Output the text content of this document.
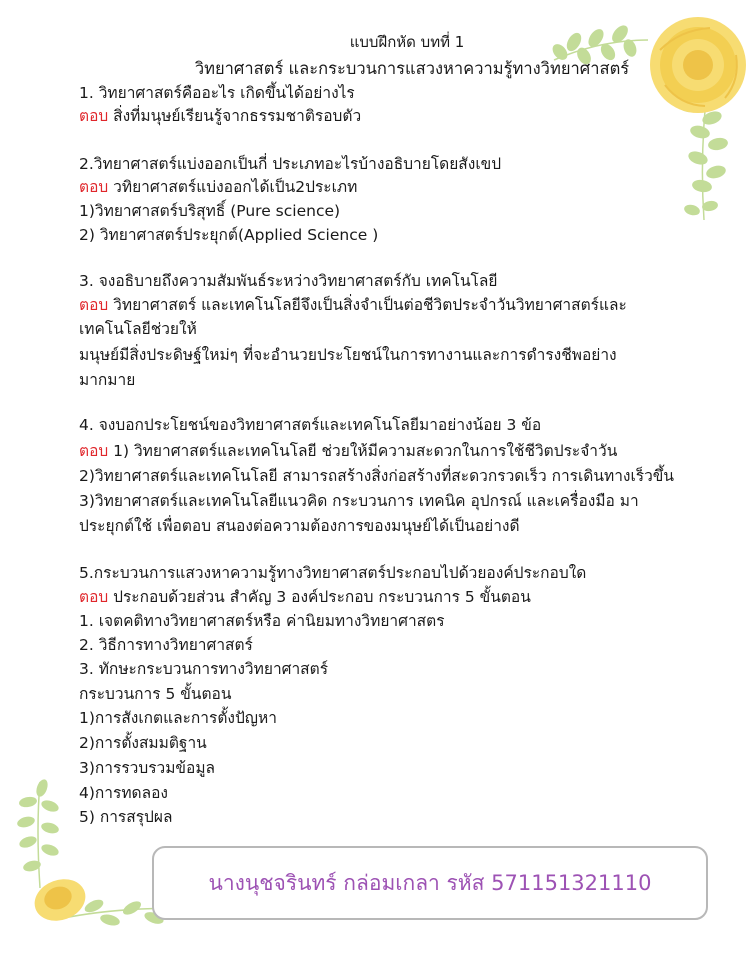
แบบฝึกหัด บทที่ 1
วิทยาศาสตร์ และกระบวนการแสวงหาความรู้ทางวิทยาศาสตร์
1. วิทยาศาสตร์คืออะไร เกิดขึ้นได้อย่างไร
ตอบ สิ่งที่มนุษย์เรียนรู้จากธรรมชาติรอบตัว
2.วิทยาศาสตร์แบ่งออกเป็นกี่ ประเภทอะไรบ้างอธิบายโดยสังเขป
ตอบ วทิยาศาสตร์แบ่งออกได้เป็น2ประเภท
1)วิทยาศาสตร์บริสุทธิ์ (Pure science)
2) วิทยาศาสตร์ประยุกต์(Applied Science )
3. จงอธิบายถึงความสัมพันธ์ระหว่างวิทยาศาสตร์กับ เทคโนโลยี
ตอบ วิทยาศาสตร์ และเทคโนโลยีจึงเป็นสิ่งจำเป็นต่อชีวิตประจำวันวิทยาศาสตร์และ
เทคโนโลยีช่วยให้
มนุษย์มีสิ่งประดิษฐ์ใหม่ๆ ที่จะอำนวยประโยชน์ในการทางานและการดำรงชีพอย่าง
มากมาย
4. จงบอกประโยชน์ของวิทยาศาสตร์และเทคโนโลยีมาอย่างน้อย 3 ข้อ
ตอบ 1) วิทยาศาสตร์และเทคโนโลยี ช่วยให้มีความสะดวกในการใช้ชีวิตประจำวัน
2)วิทยาศาสตร์และเทคโนโลยี สามารถสร้างสิ่งก่อสร้างที่สะดวกรวดเร็ว การเดินทางเร็วขึ้น
3)วิทยาศาสตร์และเทคโนโลยีแนวคิด กระบวนการ เทคนิค อุปกรณ์ และเครื่องมือ มา
ประยุกต์ใช้ เพื่อตอบ สนองต่อความต้องการของมนุษย์ได้เป็นอย่างดี
5.กระบวนการแสวงหาความรู้ทางวิทยาศาสตร์ประกอบไปด้วยองค์ประกอบใด
ตอบ ประกอบด้วยส่วน สำคัญ 3 องค์ประกอบ กระบวนการ 5 ขั้นตอน
1. เจตคติทางวิทยาศาสตร์หรือ ค่านิยมทางวิทยาศาสตร
2. วิธีการทางวิทยาศาสตร์
3. ทักษะกระบวนการทางวิทยาศาสตร์
กระบวนการ 5 ขั้นตอน
1)การสังเกตและการตั้งปัญหา
2)การตั้งสมมติฐาน
3)การรวบรวมข้อมูล
4)การทดลอง
5) การสรุปผล
นางนุชจรินทร์ กล่อมเกลา รหัส 571151321110
